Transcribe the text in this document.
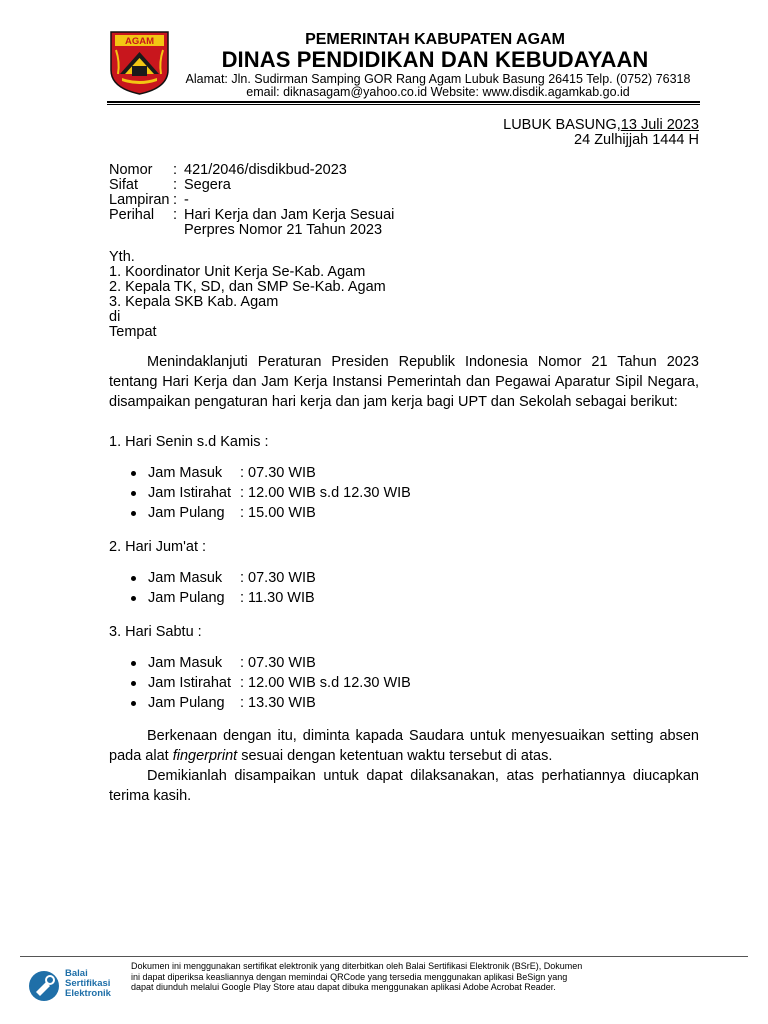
AGAM	PEMERINTAH KABUPATEN AGAM
DINAS PENDIDIKAN DAN KEBUDAYAAN
Alamat: Jln. Sudirman Samping GOR Rang Agam Lubuk Basung 26415 Telp. (0752) 76318
email: diknasagam@yahoo.co.id Website: www.disdik.agamkab.go.id
LUBUK BASUNG,13 Juli 2023
24 Zulhijjah 1444 H
Nomor	: 421/2046/disdikbud-2023
Sifat	: Segera
Lampiran : -
Perihal	: Hari Kerja dan Jam Kerja Sesuai
Perpres Nomor 21 Tahun 2023
Yth.
1. Koordinator Unit Kerja Se-Kab. Agam
2. Kepala TK, SD, dan SMP Se-Kab. Agam
3. Kepala SKB Kab. Agam
di
Tempat
Menindaklanjuti Peraturan Presiden Republik Indonesia Nomor 21 Tahun 2023 tentang Hari Kerja dan Jam Kerja Instansi Pemerintah dan Pegawai Aparatur Sipil Negara, disampaikan pengaturan hari kerja dan jam kerja bagi UPT dan Sekolah sebagai berikut:
1. Hari Senin s.d Kamis :
Jam Masuk	: 07.30 WIB
Jam Istirahat : 12.00 WIB s.d 12.30 WIB
Jam Pulang	: 15.00 WIB
2. Hari Jum'at :
Jam Masuk	: 07.30 WIB
Jam Pulang	: 11.30 WIB
3. Hari Sabtu :
Jam Masuk	: 07.30 WIB
Jam Istirahat : 12.00 WIB s.d 12.30 WIB
Jam Pulang	: 13.30 WIB
Berkenaan dengan itu, diminta kapada Saudara untuk menyesuaikan setting absen pada alat fingerprint sesuai dengan ketentuan waktu tersebut di atas.
Demikianlah disampaikan untuk dapat dilaksanakan, atas perhatiannya diucapkan terima kasih.
Balai
Sertifikasi
Elektronik
Dokumen ini menggunakan sertifikat elektronik yang diterbitkan oleh Balai Sertifikasi Elektronik (BSrE), Dokumen ini dapat diperiksa keasliannya dengan memindai QRCode yang tersedia menggunakan aplikasi BeSign yang dapat diunduh melalui Google Play Store atau dapat dibuka menggunakan aplikasi Adobe Acrobat Reader.
